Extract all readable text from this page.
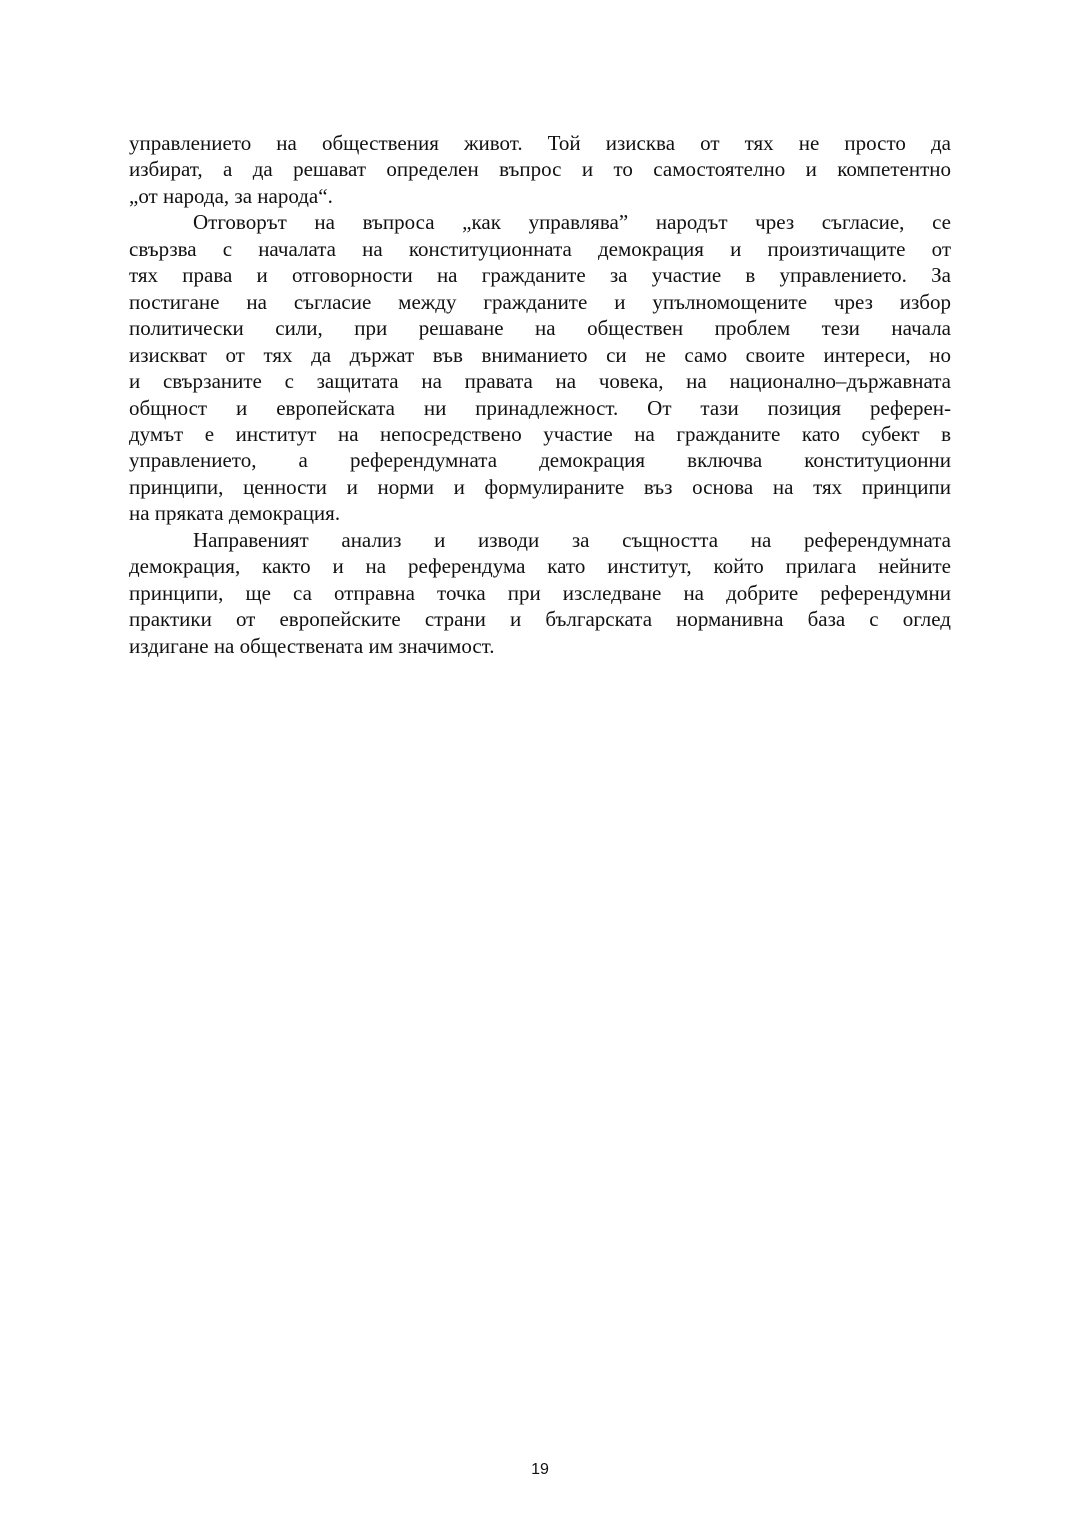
управлението на обществения живот. Той изисква от тях не просто да
избират, а да решават определен въпрос и то самостоятелно и компетентно
„от народа, за народа“.
Отговорът на въпроса „как управлява” народът чрез съгласие, се
свързва с началата на конституционната демокрация и произтичащите от
тях права и отговорности на гражданите за участие в управлението. За
постигане на съгласие между гражданите и упълномощените чрез избор
политически сили, при решаване на обществен проблем тези начала
изискват от тях да държат във вниманието си не само своите интереси, но
и свързаните с защитата на правата на човека, на национално–държавната
общност и европейската ни принадлежност. От тази позиция референ-
думът е институт на непосредствено участие на гражданите като субект в
управлението, а референдумната демокрация включва конституционни
принципи, ценности и норми и формулираните въз основа на тях принципи
на пряката демокрация.
Направеният анализ и изводи за същността на референдумната
демокрация, както и на референдума като институт, който прилага нейните
принципи, ще са отправна точка при изследване на добрите референдумни
практики от европейските страни и българската норманивна база с оглед
издигане на обществената им значимост.
19
